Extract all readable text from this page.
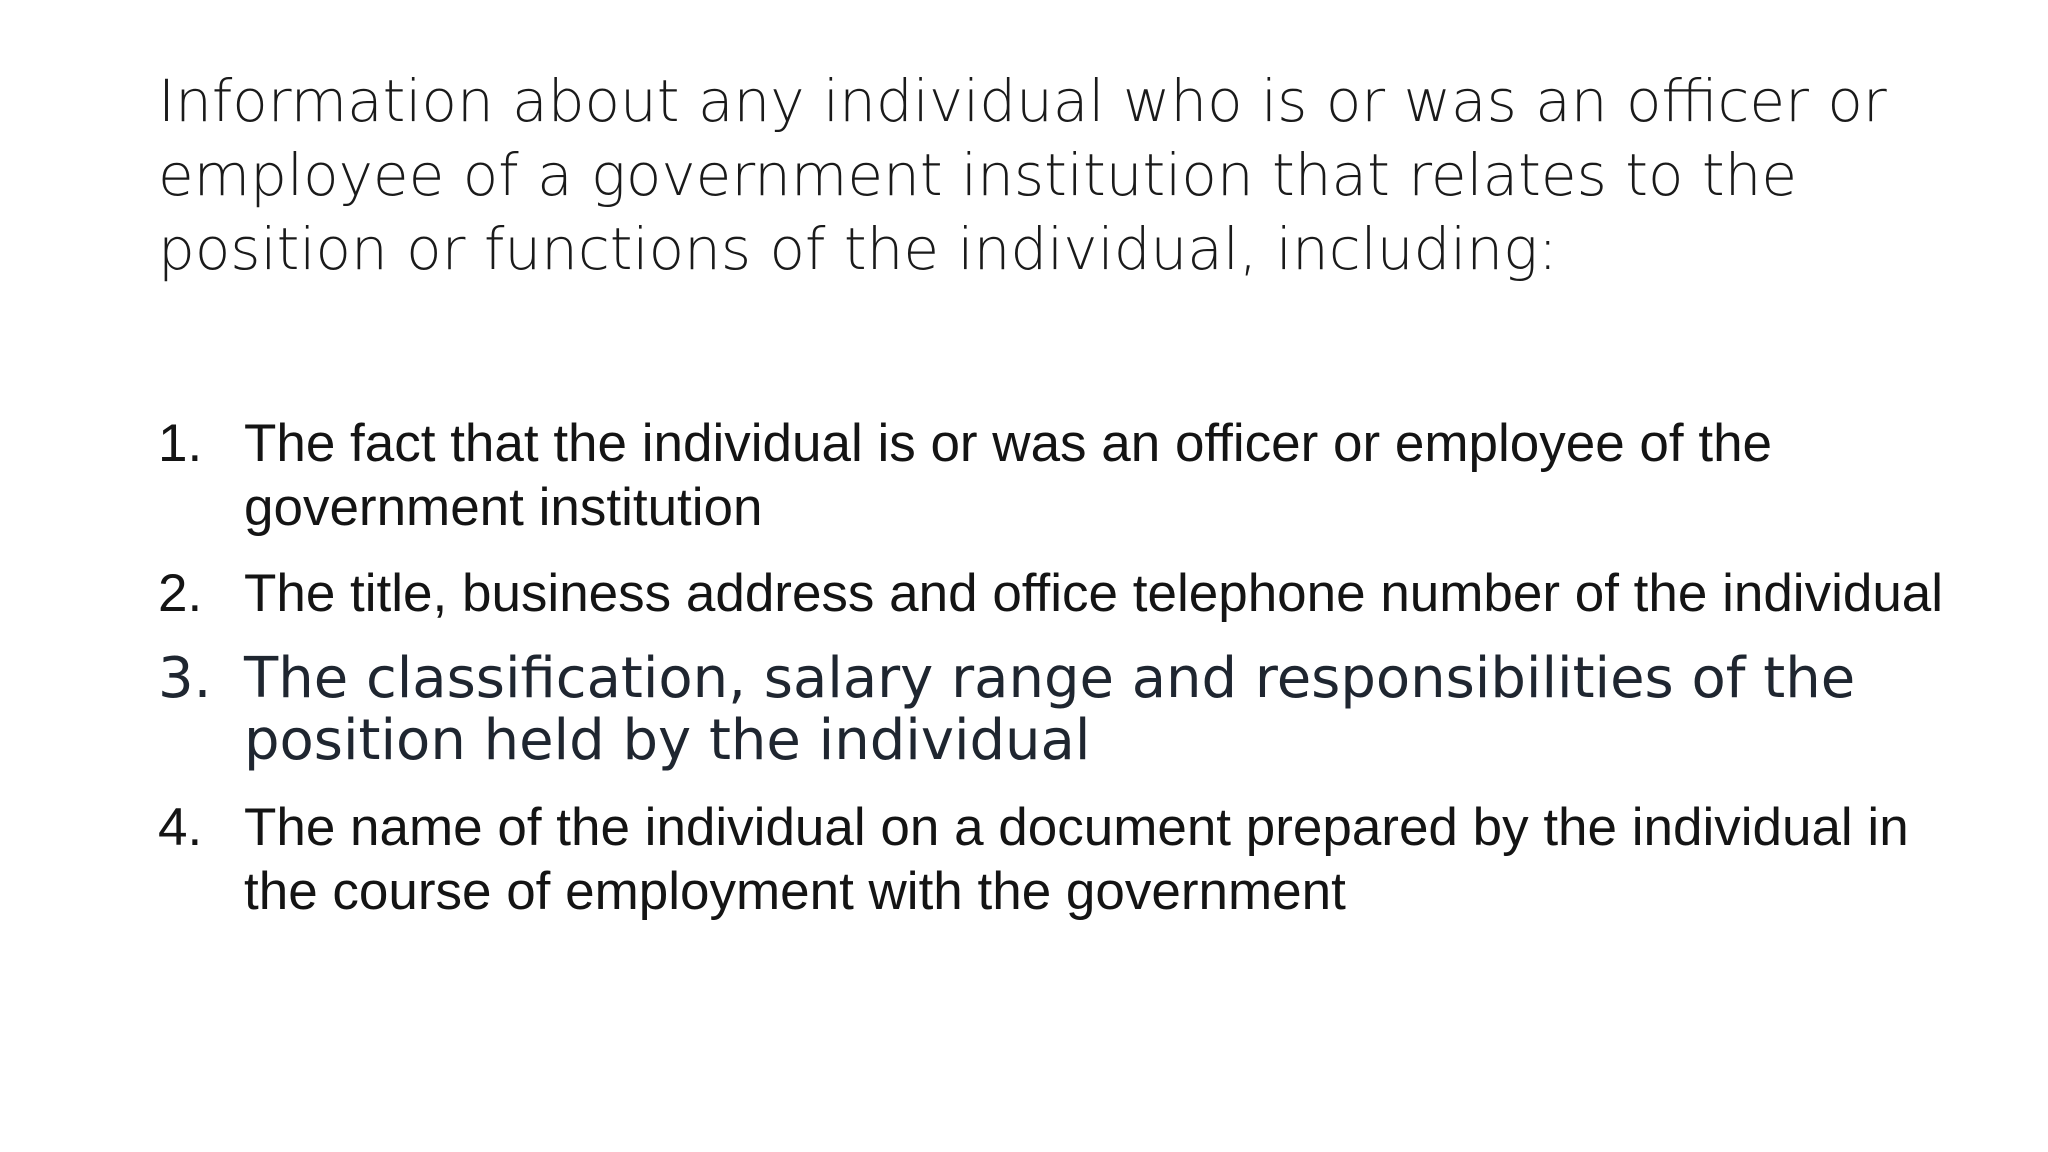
Information about any individual who is or was an officer or employee of a government institution that relates to the position or functions of the individual, including:

1. The fact that the individual is or was an officer or employee of the government institution
2. The title, business address and office telephone number of the individual
3. The classification, salary range and responsibilities of the position held by the individual
4. The name of the individual on a document prepared by the individual in the course of employment with the government
